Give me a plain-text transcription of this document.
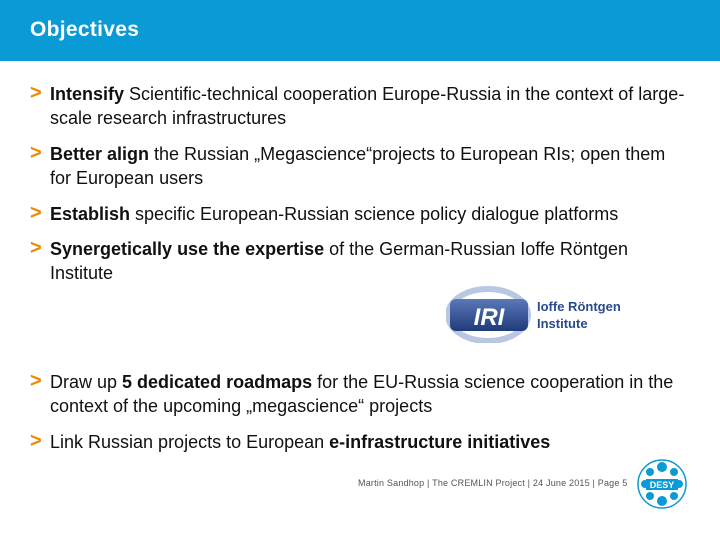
Objectives
> Intensify Scientific-technical cooperation Europe-Russia in the context of large-scale research infrastructures
> Better align the Russian „Megascience“projects to European RIs; open them for European users
> Establish specific European-Russian science policy dialogue platforms
> Synergetically use the expertise of the German-Russian Ioffe Röntgen Institute
IRI	Ioffe Röntgen
Institute
> Draw up 5 dedicated roadmaps for the EU-Russia science cooperation in the context of the upcoming „megascience“ projects
> Link Russian projects to European e-infrastructure initiatives
Martin Sandhop | The CREMLIN Project | 24 June 2015 | Page 5 DESY
